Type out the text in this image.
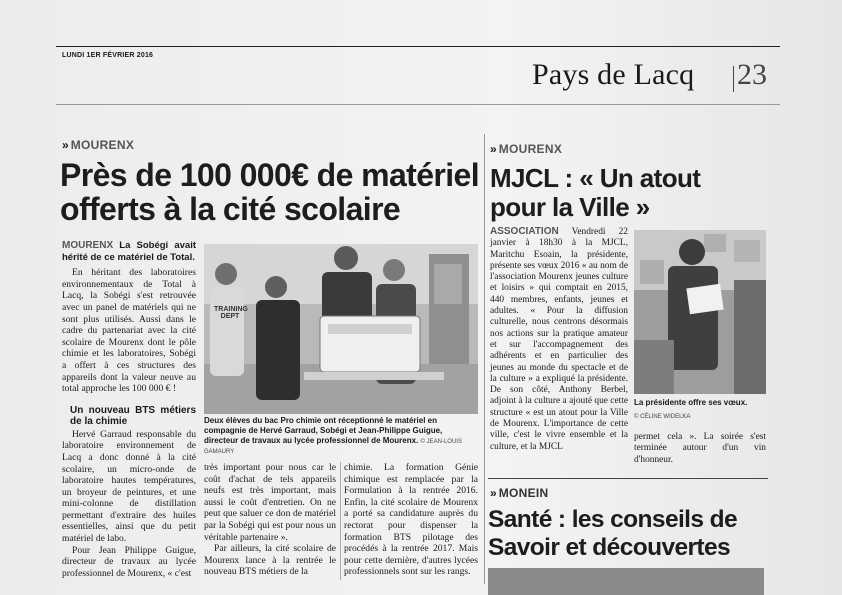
LUNDI 1ER FÉVRIER 2016
Pays de Lacq 23
» MOURENX
Près de 100 000€ de matériel
offerts à la cité scolaire
MOURENX La Sobégi avait hérité de ce matériel de Total.

En héritant des laboratoires environnementaux de Total à Lacq, la Sobégi s'est retrouvée avec un panel de matériels qui ne sont plus utilisés. Aussi dans le cadre du partenariat avec la cité scolaire de Mourenx dont le pôle chimie et les laboratoires, Sobégi a offert à ces structures des appareils dont la valeur neuve au total approche les 100 000 € !

Un nouveau BTS métiers de la chimie

Hervé Garraud responsable du laboratoire environnement de Lacq a donc donné à la cité scolaire, un micro-onde de laboratoire hautes températures, un broyeur de peintures, et une mini-colonne de distillation permettant d'extraire des huiles essentielles, ainsi que du petit matériel de labo.

Pour Jean Philippe Guigue, directeur de travaux au lycée professionnel de Mourenx, « c'est

TRAINING DEPT
Deux élèves du bac Pro chimie ont réceptionné le matériel en compagnie de Hervé Garraud, Sobégi et Jean-Philippe Guigue, directeur de travaux au lycée professionnel de Mourenx. © JEAN-LOUIS GAMAURY

très important pour nous car le coût d'achat de tels appareils neufs est très important, mais aussi le coût d'entretien. On ne peut que saluer ce don de matériel par la Sobégi qui est pour nous un véritable partenaire ».

Par ailleurs, la cité scolaire de Mourenx lance à la rentrée le nouveau BTS métiers de la

chimie. La formation Génie chimique est remplacée par la Formulation à la rentrée 2016. Enfin, la cité scolaire de Mourenx a porté sa candidature auprès du rectorat pour dispenser la formation BTS pilotage des procédés à la rentrée 2017. Mais pour cette dernière, d'autres lycées professionnels sont sur les rangs.

» MOURENX
MJCL : « Un atout
pour la Ville »
ASSOCIATION Vendredi 22 janvier à 18h30 à la MJCL, Maritchu Esoain, la présidente, présente ses vœux 2016 « au nom de l'association Mourenx jeunes culture et loisirs » qui comptait en 2015, 440 membres, enfants, jeunes et adultes. « Pour la diffusion culturelle, nous centrons désormais nos actions sur la pratique amateur et sur l'accompagnement des adhérents et en particulier des jeunes au monde du spectacle et de la culture » a expliqué la présidente. De son côté, Anthony Berbel, adjoint à la culture a ajouté que cette structure « est un atout pour la Ville de Mourenx. L'importance de cette ville, c'est le vivre ensemble et la culture, et la MJCL
La présidente offre ses vœux.
© CÉLINE WIDELKA
permet cela ». La soirée s'est terminée autour d'un vin d'honneur.
» MONEIN
Santé : les conseils de
Savoir et découvertes
